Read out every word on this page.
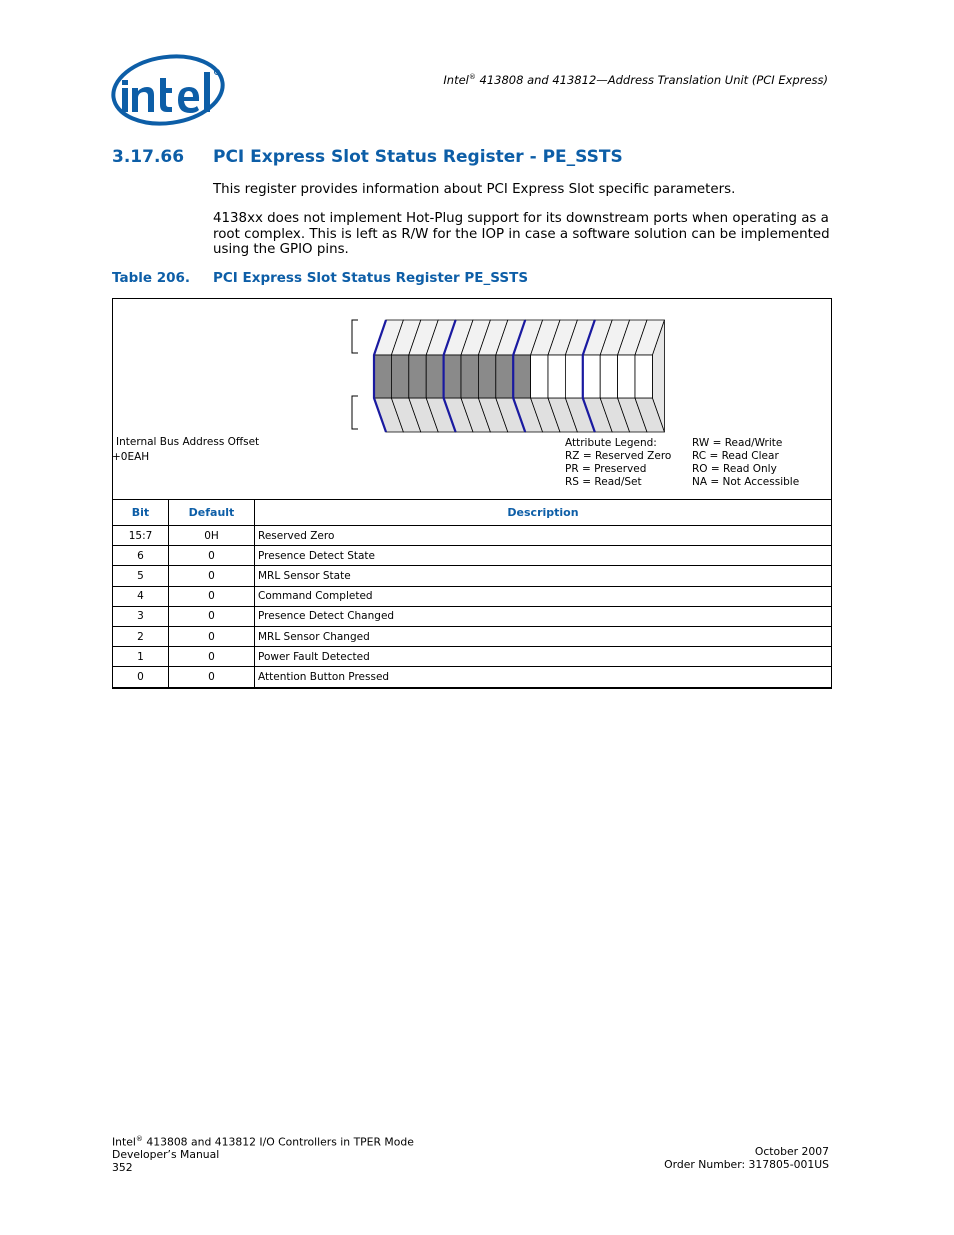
Intel® 413808 and 413812—Address Translation Unit (PCI Express)
3.17.66 PCI Express Slot Status Register - PE_SSTS
This register provides information about PCI Express Slot specific parameters.
4138xx does not implement Hot-Plug support for its downstream ports when operating as a root complex. This is left as R/W for the IOP in case a software solution can be implemented using the GPIO pins.
Table 206. PCI Express Slot Status Register PE_SSTS
Internal Bus Address Offset
+0EAH
Attribute Legend:
RZ = Reserved Zero
PR = Preserved
RS = Read/Set
RW = Read/Write
RC = Read Clear
RO = Read Only
NA = Not Accessible
Bit	Default	Description
15:7	0H	Reserved Zero
6	0	Presence Detect State
5	0	MRL Sensor State
4	0	Command Completed
3	0	Presence Detect Changed
2	0	MRL Sensor Changed
1	0	Power Fault Detected
0	0	Attention Button Pressed
Intel® 413808 and 413812 I/O Controllers in TPER Mode
Developer’s Manual
352
October 2007
Order Number: 317805-001US
